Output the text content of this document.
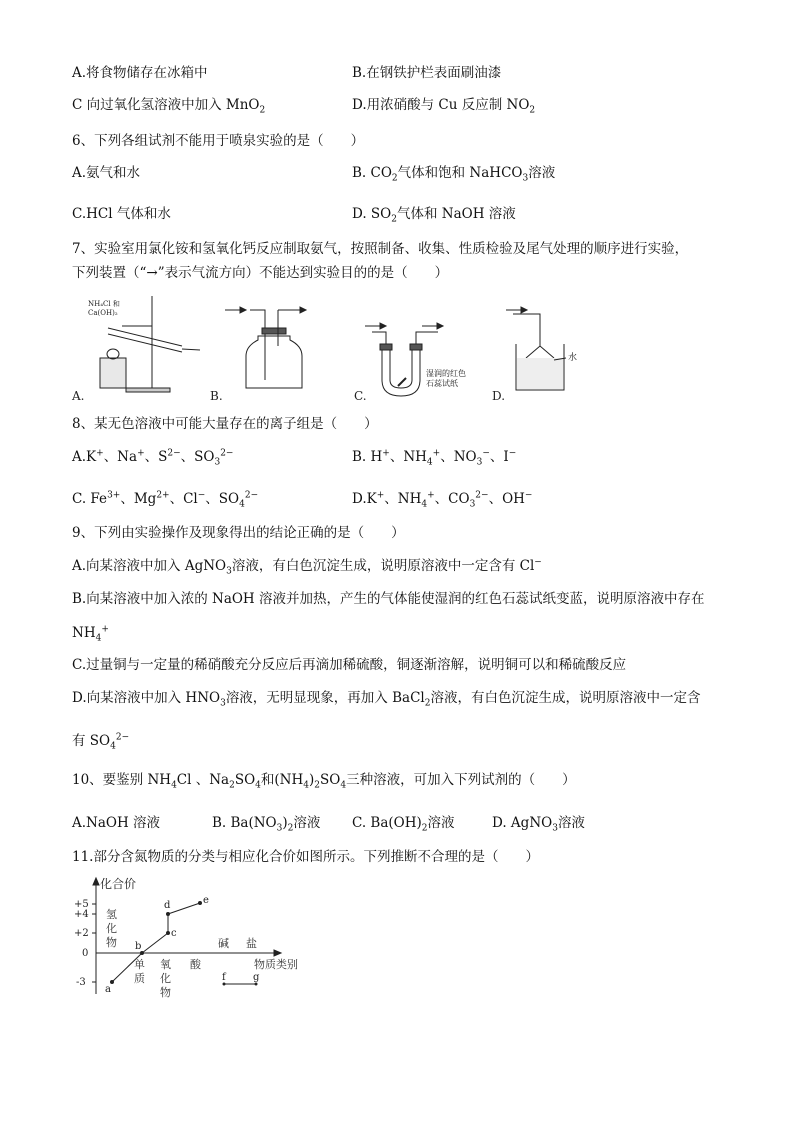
A.将食物储存在冰箱中	B.在钢铁护栏表面刷油漆
C 向过氧化氢溶液中加入 MnO$_2$	D.用浓硝酸与 Cu 反应制 $NO_2$
6、下列各组试剂不能用于喷泉实验的是（　　）
A.氨气和水	B. $CO_2$气体和饱和 NaHCO$_3$溶液
C.HCl 气体和水	D. $SO_2$气体和 NaOH 溶液
7、实验室用氯化铵和氢氧化钙反应制取氨气，按照制备、收集、性质检验及尾气处理的顺序进行实验，
下列装置（“→”表示气流方向）不能达到实验目的的是（　　）
NH₄Cl 和
Ca(OH)₂
A.	B.
湿润的红色
石蕊试纸
C.
水
D.
8、某无色溶液中可能大量存在的离子组是（　　）
A.K+、Na+、$S^{2-}$、$SO_3^{2-}$	B. H+、$NH_4^+$、$NO_3^-$、I−
C. $Fe^{3+}$、$Mg^{2+}$、Cl−、$SO_4^{2-}$	D.K+、$NH_4^+$、$CO_3^{2-}$、OH−
9、下列由实验操作及现象得出的结论正确的是（　　）
A.向某溶液中加入 AgNO$_3$溶液，有白色沉淀生成，说明原溶液中一定含有 Cl−
B.向某溶液中加入浓的 NaOH 溶液并加热，产生的气体能使湿润的红色石蕊试纸变蓝，说明原溶液中存在
$NH_4^+$
C.过量铜与一定量的稀硝酸充分反应后再滴加稀硫酸，铜逐渐溶解，说明铜可以和稀硫酸反应
D.向某溶液中加入 $HNO_3$溶液，无明显现象，再加入 BaCl$_2$溶液，有白色沉淀生成，说明原溶液中一定含
有 $SO_4^{2-}$
10、要鉴别 $NH_4Cl$ 、$Na_2SO_4$和$(NH_4)_2SO_4$三种溶液，可加入下列试剂的（　　）
A.NaOH 溶液	B. $Ba(NO_3)_2$溶液 C. $Ba(OH)_2$溶液	D. AgNO$_3$溶液
11.部分含氮物质的分类与相应化合价如图所示。下列推断不合理的是（　　）
化合价
+5
+4
+2
0
-3
氢
化
物
单
质
氧
化
物
酸
碱 盐
物质类别
a
b
c
d	e
f	g
